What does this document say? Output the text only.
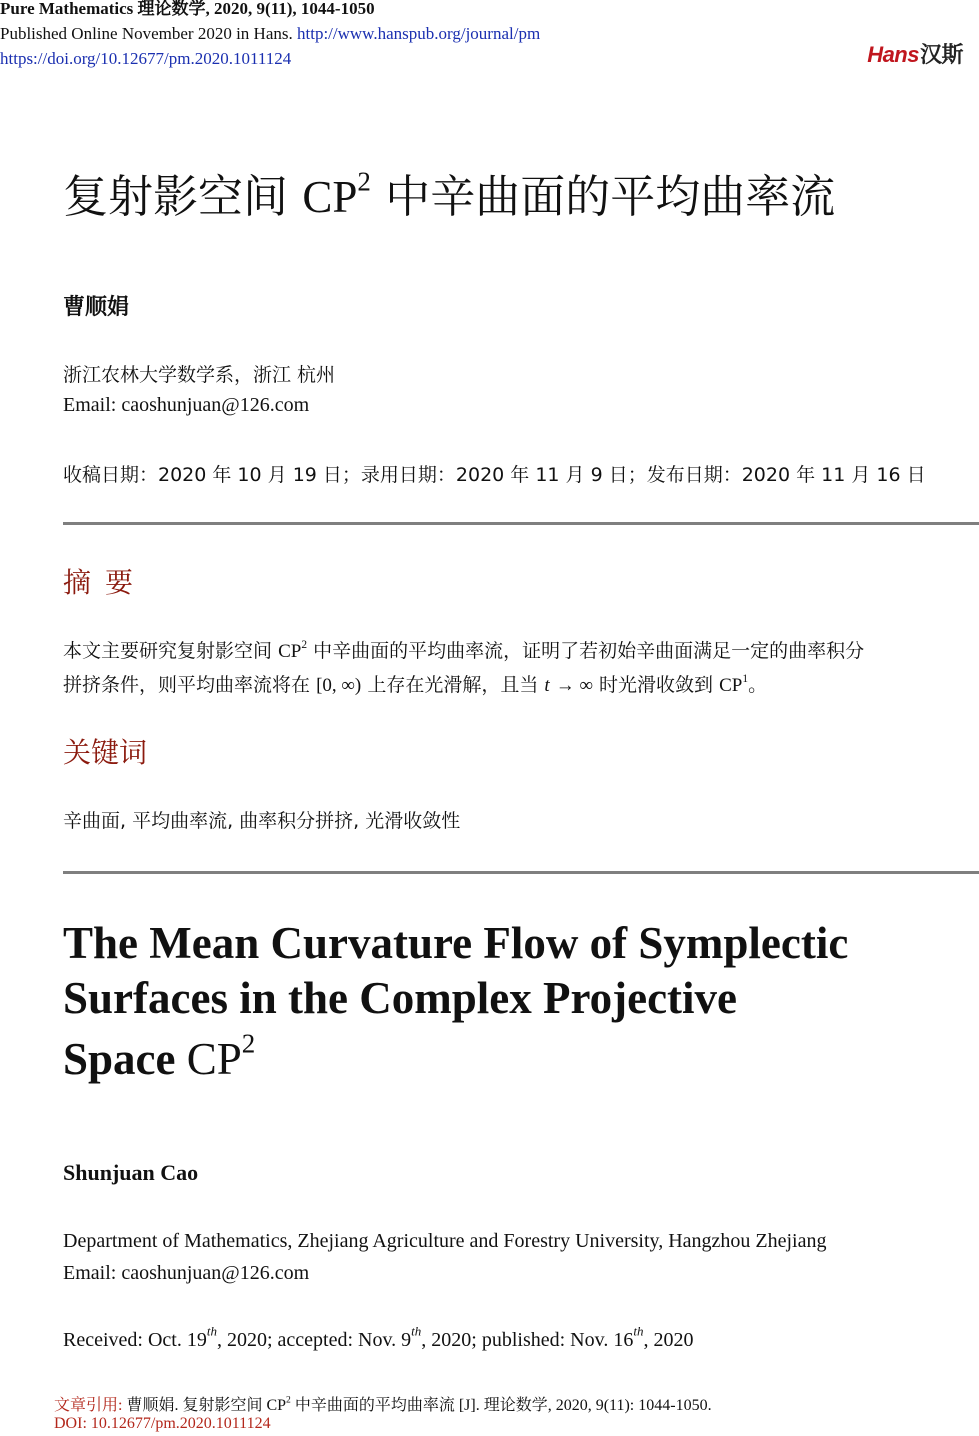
Pure Mathematics 理论数学, 2020, 9(11), 1044-1050
Published Online November 2020 in Hans. http://www.hanspub.org/journal/pm
https://doi.org/10.12677/pm.2020.1011124	Hans汉斯
复射影空间 $CP^2$ 中辛曲面的平均曲率流
曹顺娟
浙江农林大学数学系，浙江 杭州
Email: caoshunjuan@126.com
收稿日期：2020 年 10 月 19 日；录用日期：2020 年 11 月 9 日；发布日期：2020 年 11 月 16 日
摘要
本文主要研究复射影空间 $CP^2$ 中辛曲面的平均曲率流，证明了若初始辛曲面满足一定的曲率积分
拼挤条件，则平均曲率流将在 [0, ∞) 上存在光滑解，且当 t → ∞ 时光滑收敛到 $CP^1$。
关键词
辛曲面, 平均曲率流, 曲率积分拼挤, 光滑收敛性
The Mean Curvature Flow of Symplectic
Surfaces in the Complex Projective
Space $CP^2$
Shunjuan Cao
Department of Mathematics, Zhejiang Agriculture and Forestry University, Hangzhou Zhejiang
Email: caoshunjuan@126.com
Received: Oct. 19th, 2020; accepted: Nov. 9th, 2020; published: Nov. 16th, 2020
文章引用: 曹顺娟. 复射影空间 $CP^2$ 中辛曲面的平均曲率流 [J]. 理论数学, 2020, 9(11): 1044-1050.
DOI: 10.12677/pm.2020.1011124
